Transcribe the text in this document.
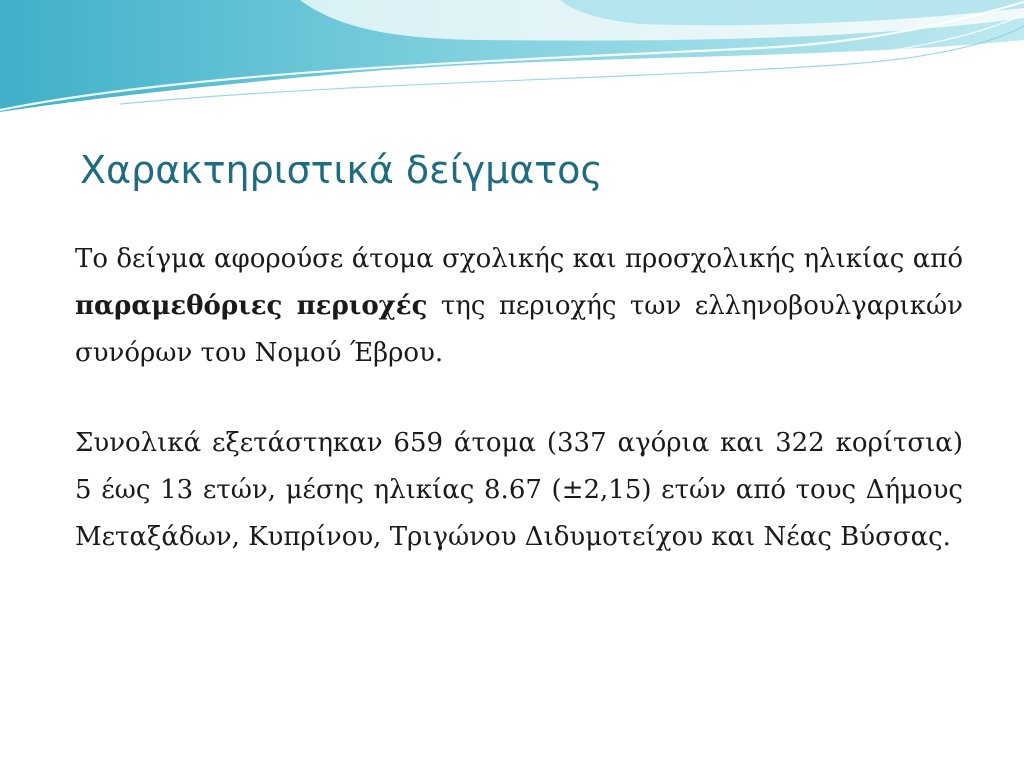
Χαρακτηριστικά δείγματος

Το δείγμα αφορούσε άτομα σχολικής και προσχολικής ηλικίας από παραμεθόριες περιοχές της περιοχής των ελληνοβουλγαρικών συνόρων του Νομού Έβρου.

Συνολικά εξετάστηκαν 659 άτομα (337 αγόρια και 322 κορίτσια) 5 έως 13 ετών, μέσης ηλικίας 8.67 (±2,15) ετών από τους Δήμους Μεταξάδων, Κυπρίνου, Τριγώνου Διδυμοτείχου και Νέας Βύσσας.
